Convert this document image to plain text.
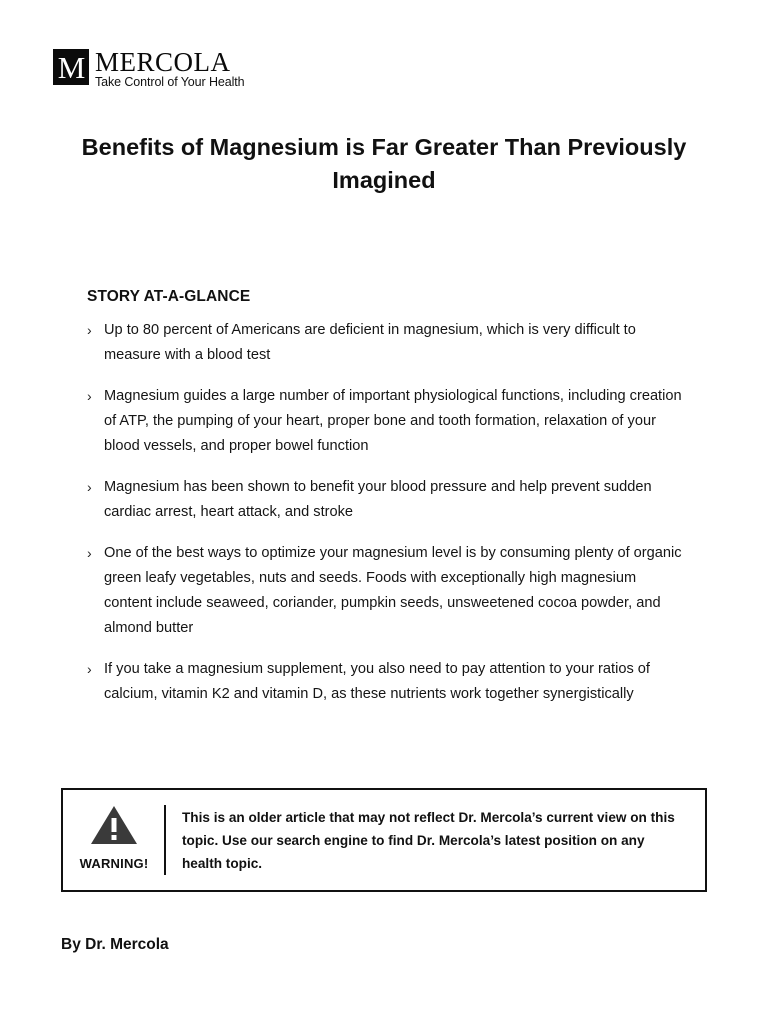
M MERCOLA
Take Control of Your Health
Benefits of Magnesium is Far Greater Than Previously Imagined
STORY AT-A-GLANCE
› Up to 80 percent of Americans are deficient in magnesium, which is very difficult to measure with a blood test
› Magnesium guides a large number of important physiological functions, including creation of ATP, the pumping of your heart, proper bone and tooth formation, relaxation of your blood vessels, and proper bowel function
› Magnesium has been shown to benefit your blood pressure and help prevent sudden cardiac arrest, heart attack, and stroke
› One of the best ways to optimize your magnesium level is by consuming plenty of organic green leafy vegetables, nuts and seeds. Foods with exceptionally high magnesium content include seaweed, coriander, pumpkin seeds, unsweetened cocoa powder, and almond butter
› If you take a magnesium supplement, you also need to pay attention to your ratios of calcium, vitamin K2 and vitamin D, as these nutrients work together synergistically
WARNING!
This is an older article that may not reflect Dr. Mercola’s current view on this topic. Use our search engine to find Dr. Mercola’s latest position on any health topic.
By Dr. Mercola
